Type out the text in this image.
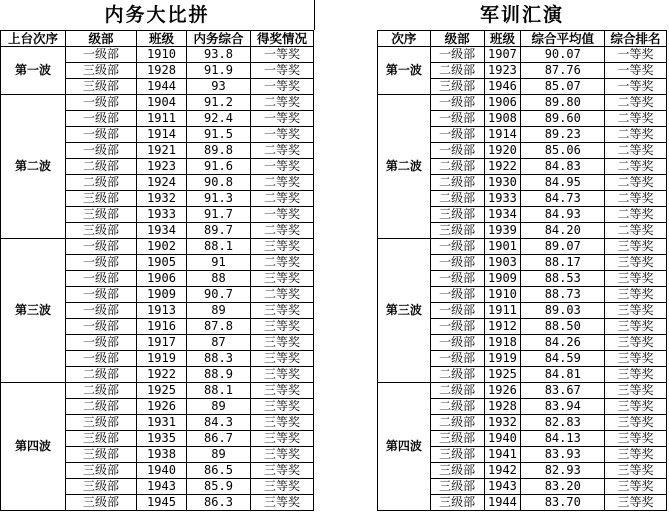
内务大比拼
上台次序	级部	班级	内务综合	得奖情况
第一波	一级部	1910	93.8	一等奖
	三级部	1928	91.9	一等奖
	三级部	1944	93	一等奖
第二波	一级部	1904	91.2	二等奖
	一级部	1911	92.4	一等奖
	一级部	1914	91.5	一等奖
	一级部	1921	89.8	二等奖
	二级部	1923	91.6	一等奖
	二级部	1924	90.8	二等奖
	三级部	1932	91.3	二等奖
	三级部	1933	91.7	一等奖
	三级部	1934	89.7	二等奖
第三波	一级部	1902	88.1	三等奖
	一级部	1905	91	二等奖
	一级部	1906	88	三等奖
	一级部	1909	90.7	二等奖
	一级部	1913	89	三等奖
	一级部	1916	87.8	三等奖
	一级部	1917	87	三等奖
	一级部	1919	88.3	三等奖
	二级部	1922	88.9	三等奖
第四波	二级部	1925	88.1	三等奖
	二级部	1926	89	三等奖
	三级部	1931	84.3	三等奖
	三级部	1935	86.7	三等奖
	三级部	1938	89	三等奖
	三级部	1940	86.5	三等奖
	三级部	1943	85.9	三等奖
	三级部	1945	86.3	三等奖
军训汇演
次序	级部	班级	综合平均值	综合排名
第一波	一级部	1907	90.07	一等奖
	二级部	1923	87.76	一等奖
	三级部	1946	85.07	一等奖
第二波	一级部	1906	89.80	二等奖
	一级部	1908	89.60	二等奖
	一级部	1914	89.23	二等奖
	一级部	1920	85.06	二等奖
	二级部	1922	84.83	二等奖
	二级部	1930	84.95	二等奖
	二级部	1933	84.73	二等奖
	三级部	1934	84.93	二等奖
	三级部	1939	84.20	二等奖
第三波	一级部	1901	89.07	三等奖
	一级部	1903	88.17	三等奖
	一级部	1909	88.53	三等奖
	一级部	1910	88.73	三等奖
	一级部	1911	89.03	三等奖
	一级部	1912	88.50	三等奖
	一级部	1918	84.26	三等奖
	一级部	1919	84.59	三等奖
	二级部	1925	84.81	三等奖
第四波	二级部	1926	83.67	三等奖
	二级部	1928	83.94	三等奖
	二级部	1932	82.83	三等奖
	三级部	1940	84.13	三等奖
	三级部	1941	83.93	三等奖
	三级部	1942	82.93	三等奖
	三级部	1943	83.20	三等奖
	三级部	1944	83.70	三等奖
